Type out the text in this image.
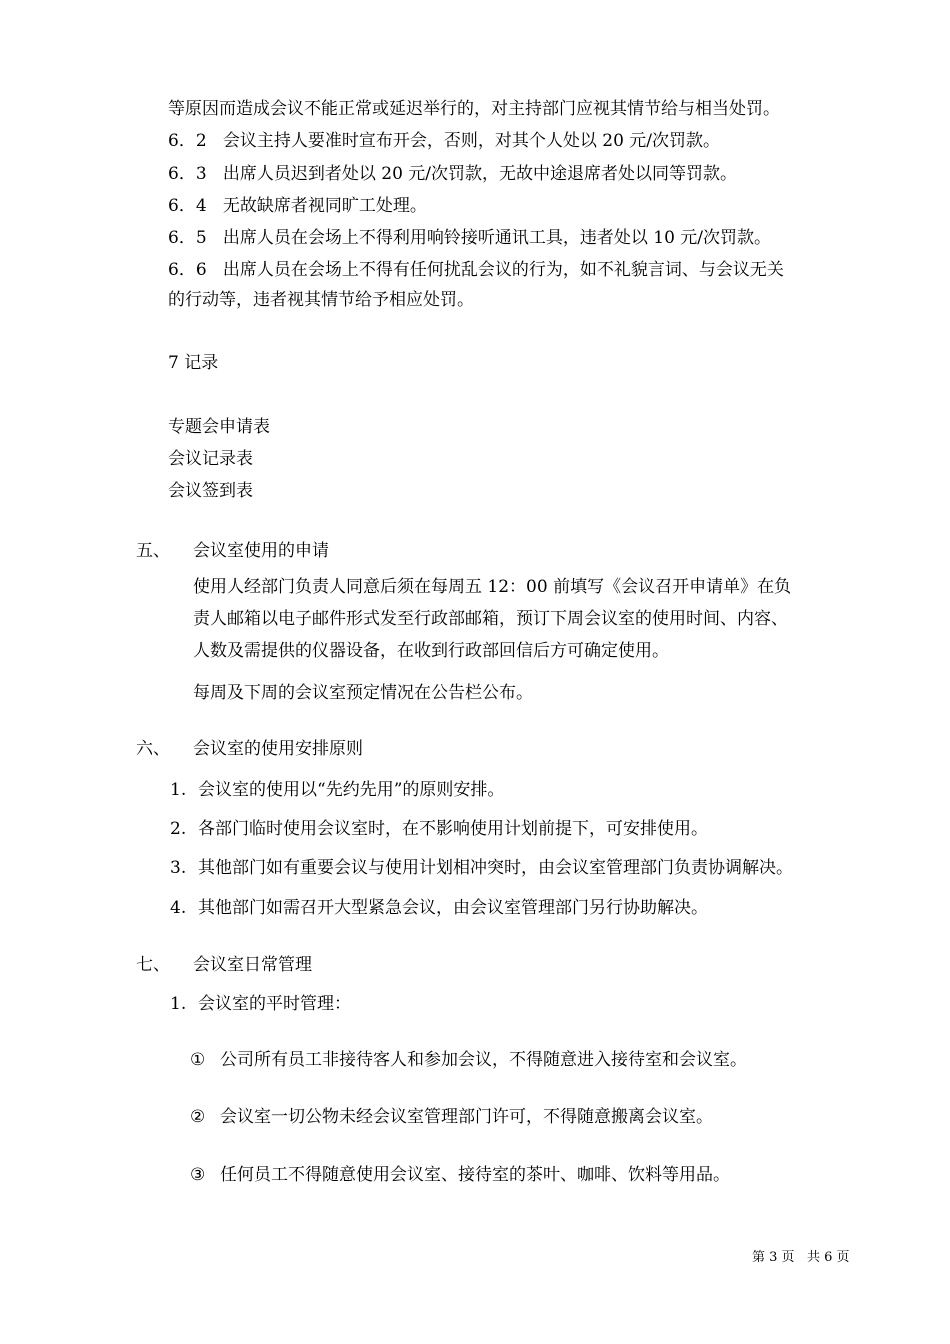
等原因而造成会议不能正常或延迟举行的，对主持部门应视其情节给与相当处罚。

6．2 会议主持人要准时宣布开会，否则，对其个人处以 20 元/次罚款。

6．3 出席人员迟到者处以 20 元/次罚款，无故中途退席者处以同等罚款。

6．4 无故缺席者视同旷工处理。

6．5 出席人员在会场上不得利用响铃接听通讯工具，违者处以 10 元/次罚款。

6．6 出席人员在会场上不得有任何扰乱会议的行为，如不礼貌言词、与会议无关

的行动等，违者视其情节给予相应处罚。

7 记录

专题会申请表

会议记录表

会议签到表

五、 会议室使用的申请

使用人经部门负责人同意后须在每周五 12：00 前填写《会议召开申请单》在负

责人邮箱以电子邮件形式发至行政部邮箱，预订下周会议室的使用时间、内容、

人数及需提供的仪器设备，在收到行政部回信后方可确定使用。

每周及下周的会议室预定情况在公告栏公布。

六、 会议室的使用安排原则

1. 会议室的使用以“先约先用”的原则安排。

2. 各部门临时使用会议室时，在不影响使用计划前提下，可安排使用。

3. 其他部门如有重要会议与使用计划相冲突时，由会议室管理部门负责协调解决。

4. 其他部门如需召开大型紧急会议，由会议室管理部门另行协助解决。

七、 会议室日常管理

1. 会议室的平时管理：

① 公司所有员工非接待客人和参加会议，不得随意进入接待室和会议室。

② 会议室一切公物未经会议室管理部门许可，不得随意搬离会议室。

③ 任何员工不得随意使用会议室、接待室的茶叶、咖啡、饮料等用品。

第 3 页 共 6 页
